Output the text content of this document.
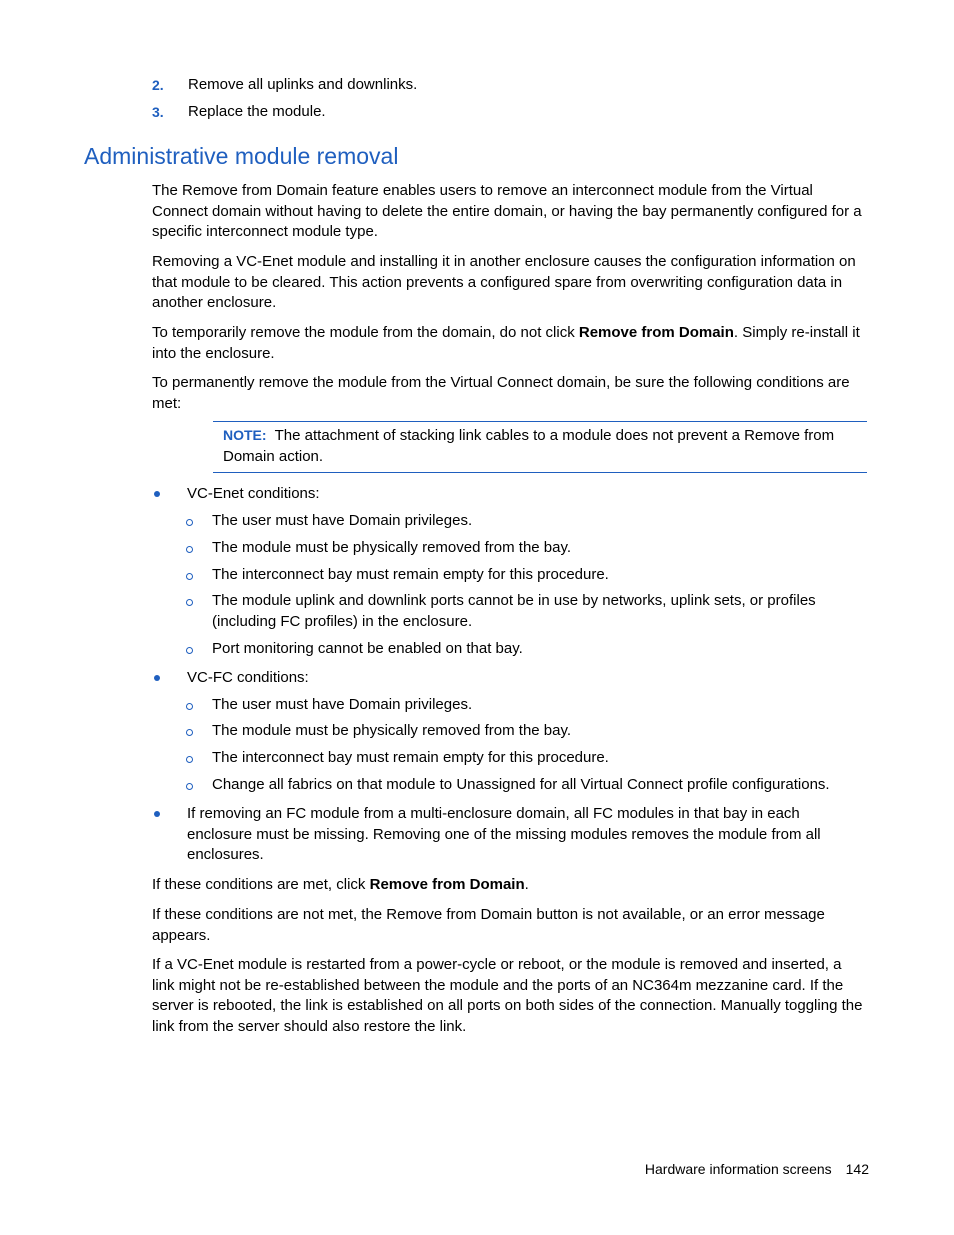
2. Remove all uplinks and downlinks.
3. Replace the module.
Administrative module removal

The Remove from Domain feature enables users to remove an interconnect module from the Virtual Connect domain without having to delete the entire domain, or having the bay permanently configured for a specific interconnect module type.

Removing a VC-Enet module and installing it in another enclosure causes the configuration information on that module to be cleared. This action prevents a configured spare from overwriting configuration data in another enclosure.

To temporarily remove the module from the domain, do not click Remove from Domain. Simply re-install it into the enclosure.

To permanently remove the module from the Virtual Connect domain, be sure the following conditions are met:

NOTE: The attachment of stacking link cables to a module does not prevent a Remove from Domain action.

VC-Enet conditions:

The user must have Domain privileges.

The module must be physically removed from the bay.

The interconnect bay must remain empty for this procedure.

The module uplink and downlink ports cannot be in use by networks, uplink sets, or profiles (including FC profiles) in the enclosure.

Port monitoring cannot be enabled on that bay.

VC-FC conditions:

The user must have Domain privileges.

The module must be physically removed from the bay.

The interconnect bay must remain empty for this procedure.

Change all fabrics on that module to Unassigned for all Virtual Connect profile configurations.

If removing an FC module from a multi-enclosure domain, all FC modules in that bay in each enclosure must be missing. Removing one of the missing modules removes the module from all enclosures.

If these conditions are met, click Remove from Domain.

If these conditions are not met, the Remove from Domain button is not available, or an error message appears.

If a VC-Enet module is restarted from a power-cycle or reboot, or the module is removed and inserted, a link might not be re-established between the module and the ports of an NC364m mezzanine card. If the server is rebooted, the link is established on all ports on both sides of the connection. Manually toggling the link from the server should also restore the link.

Hardware information screens 142
